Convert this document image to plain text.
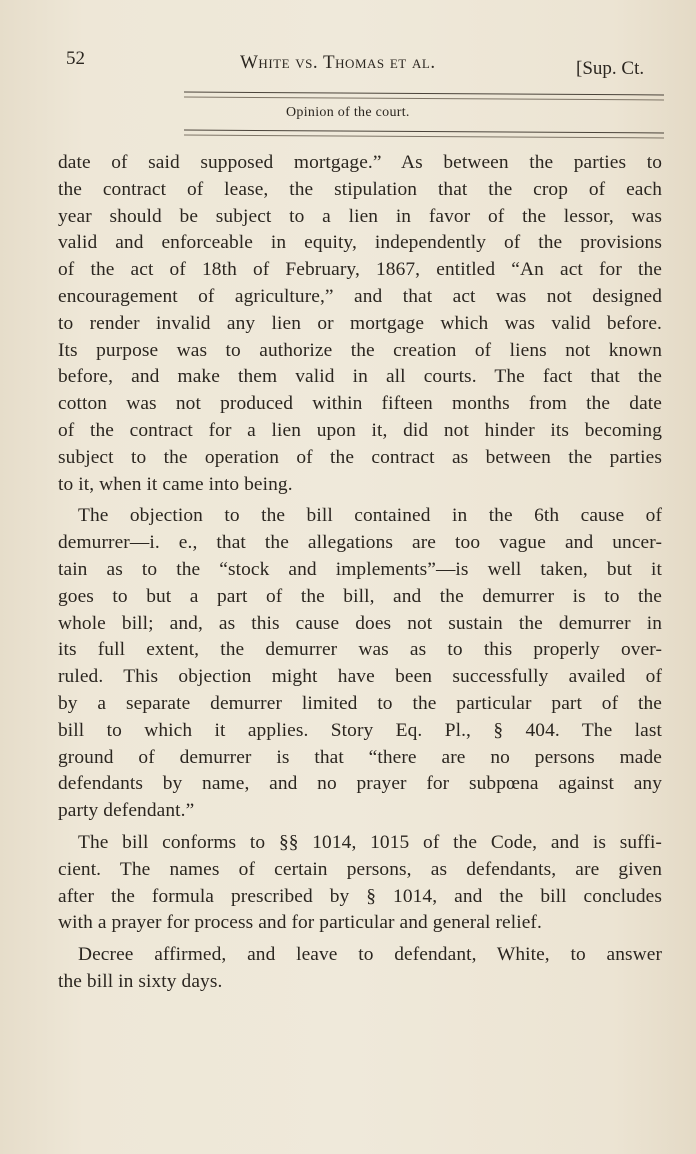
52	White vs. Thomas et al.	[Sup. Ct.
Opinion of the court.
date of said supposed mortgage.” As between the parties to
the contract of lease, the stipulation that the crop of each
year should be subject to a lien in favor of the lessor, was
valid and enforceable in equity, independently of the provisions
of the act of 18th of February, 1867, entitled “An act for the
encouragement of agriculture,” and that act was not designed
to render invalid any lien or mortgage which was valid before.
Its purpose was to authorize the creation of liens not known
before, and make them valid in all courts. The fact that the
cotton was not produced within fifteen months from the date
of the contract for a lien upon it, did not hinder its becoming
subject to the operation of the contract as between the parties
to it, when it came into being.
The objection to the bill contained in the 6th cause of
demurrer—i. e., that the allegations are too vague and uncer-
tain as to the “stock and implements”—is well taken, but it
goes to but a part of the bill, and the demurrer is to the
whole bill; and, as this cause does not sustain the demurrer in
its full extent, the demurrer was as to this properly over-
ruled. This objection might have been successfully availed of
by a separate demurrer limited to the particular part of the
bill to which it applies. Story Eq. Pl., § 404. The last
ground of demurrer is that “there are no persons made
defendants by name, and no prayer for subpœna against any
party defendant.”
The bill conforms to §§ 1014, 1015 of the Code, and is suffi-
cient. The names of certain persons, as defendants, are given
after the formula prescribed by § 1014, and the bill concludes
with a prayer for process and for particular and general relief.
Decree affirmed, and leave to defendant, White, to answer
the bill in sixty days.
